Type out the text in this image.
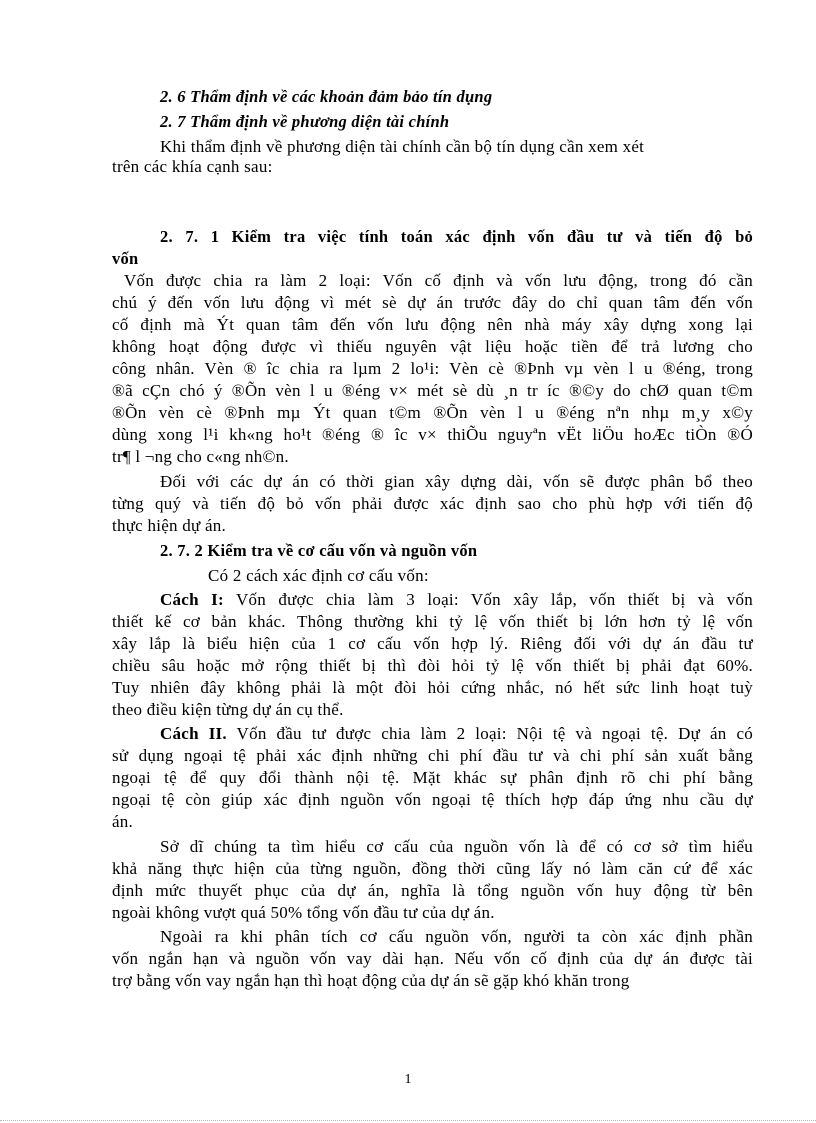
2. 6 Thẩm định về các khoản đảm bảo tín dụng
2. 7 Thẩm định về phương diện tài chính
Khi thẩm định về phương diện tài chính cần bộ tín dụng cần xem xét
trên các khía cạnh sau:
2. 7. 1 Kiểm tra việc tính toán xác định vốn đầu tư và tiến độ bỏ
vốn
Vốn được chia ra làm 2 loại: Vốn cố định và vốn lưu động, trong đó cần
chú ý đến vốn lưu động vì mét sè dự án trước đây do chỉ quan tâm đến vốn
cố định mà Ýt quan tâm đến vốn lưu động nên nhà máy xây dựng xong lại
không hoạt động được vì thiếu nguyên vật liệu hoặc tiền để trả lương cho
công nhân. Vèn ® îc chia ra lµm 2 lo¹i: Vèn cè ®Þnh vµ vèn l u ®éng, trong
®ã cÇn chó ý ®Õn vèn l u ®éng v× mét sè dù ¸n tr íc ®©y do chØ quan t©m
®Õn vèn cè ®Þnh mµ Ýt quan t©m ®Õn vèn l u ®éng nªn nhµ m¸y x©y
dùng xong l¹i kh«ng ho¹t ®éng ® îc v× thiÕu nguyªn vËt liÖu hoÆc tiÒn ®Ó
tr¶ l ¬ng cho c«ng nh©n.
Đối với các dự án có thời gian xây dựng dài, vốn sẽ được phân bổ theo
từng quý và tiến độ bỏ vốn phải được xác định sao cho phù hợp với tiến độ
thực hiện dự án.
2. 7. 2 Kiểm tra về cơ cấu vốn và nguồn vốn
Có 2 cách xác định cơ cấu vốn:
Cách I: Vốn được chia làm 3 loại: Vốn xây lắp, vốn thiết bị và vốn
thiết kế cơ bản khác. Thông thường khi tỷ lệ vốn thiết bị lớn hơn tỷ lệ vốn
xây lắp là biểu hiện của 1 cơ cấu vốn hợp lý. Riêng đối với dự án đầu tư
chiều sâu hoặc mở rộng thiết bị thì đòi hỏi tỷ lệ vốn thiết bị phải đạt 60%.
Tuy nhiên đây không phải là một đòi hỏi cứng nhắc, nó hết sức linh hoạt tuỳ
theo điều kiện từng dự án cụ thể.
Cách II. Vốn đầu tư được chia làm 2 loại: Nội tệ và ngoại tệ. Dự án có
sử dụng ngoại tệ phải xác định những chi phí đầu tư và chi phí sản xuất bằng
ngoại tệ để quy đổi thành nội tệ. Mặt khác sự phân định rõ chi phí bằng
ngoại tệ còn giúp xác định nguồn vốn ngoại tệ thích hợp đáp ứng nhu cầu dự
án.
Sở dĩ chúng ta tìm hiểu cơ cấu của nguồn vốn là để có cơ sở tìm hiểu
khả năng thực hiện của từng nguồn, đồng thời cũng lấy nó làm căn cứ để xác
định mức thuyết phục của dự án, nghĩa là tổng nguồn vốn huy động từ bên
ngoài không vượt quá 50% tổng vốn đầu tư của dự án.
Ngoài ra khi phân tích cơ cấu nguồn vốn, người ta còn xác định phần
vốn ngắn hạn và nguồn vốn vay dài hạn. Nếu vốn cố định của dự án được tài
trợ bằng vốn vay ngắn hạn thì hoạt động của dự án sẽ gặp khó khăn trong
1
